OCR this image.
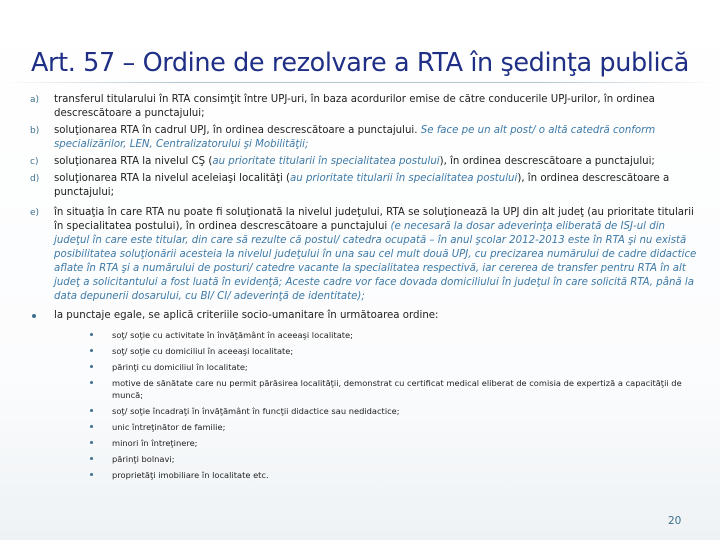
Art. 57 – Ordine de rezolvare a RTA în şedinţa publică
a)	transferul titularului în RTA consimţit între UPJ-uri, în baza acordurilor emise de către conducerile UPJ-urilor, în ordinea descrescătoare a punctajului;
b)	soluţionarea RTA în cadrul UPJ, în ordinea descrescătoare a punctajului. Se face pe un alt post/ o altă catedră conform specializărilor, LEN, Centralizatorului şi Mobilităţii;
c)	soluţionarea RTA la nivelul CŞ (au prioritate titularii în specialitatea postului), în ordinea descrescătoare a punctajului;
d)	soluţionarea RTA la nivelul aceleiaşi localităţi (au prioritate titularii în specialitatea postului), în ordinea descrescătoare a punctajului;
e)	în situaţia în care RTA nu poate fi soluţionată la nivelul judeţului, RTA se soluţionează la UPJ din alt judeţ (au prioritate titularii în specialitatea postului), în ordinea descrescătoare a punctajului (e necesară la dosar adeverinţa eliberată de ISJ-ul din judeţul în care este titular, din care să rezulte că postul/ catedra ocupată – în anul şcolar 2012-2013 este în RTA şi nu există posibilitatea soluţionării acesteia la nivelul judeţului în una sau cel mult două UPJ, cu precizarea numărului de cadre didactice aflate în RTA şi a numărului de posturi/ catedre vacante la specialitatea respectivă, iar cererea de transfer pentru RTA în alt judeţ a solicitantului a fost luată în evidenţă; Aceste cadre vor face dovada domiciliului în judeţul în care solicită RTA, până la data depunerii dosarului, cu BI/ CI/ adeverinţă de identitate);
la punctaje egale, se aplică criteriile socio-umanitare în următoarea ordine:
soţ/ soţie cu activitate în învăţământ în aceeaşi localitate;
soţ/ soţie cu domiciliul în aceeaşi localitate;
părinţi cu domiciliul în localitate;
motive de sănătate care nu permit părăsirea localităţii, demonstrat cu certificat medical eliberat de comisia de expertiză a capacităţii de muncă;
soţ/ soţie încadraţi în învăţământ în funcţii didactice sau nedidactice;
unic întreţinător de familie;
minori în întreţinere;
părinţi bolnavi;
proprietăţi imobiliare în localitate etc.
20
